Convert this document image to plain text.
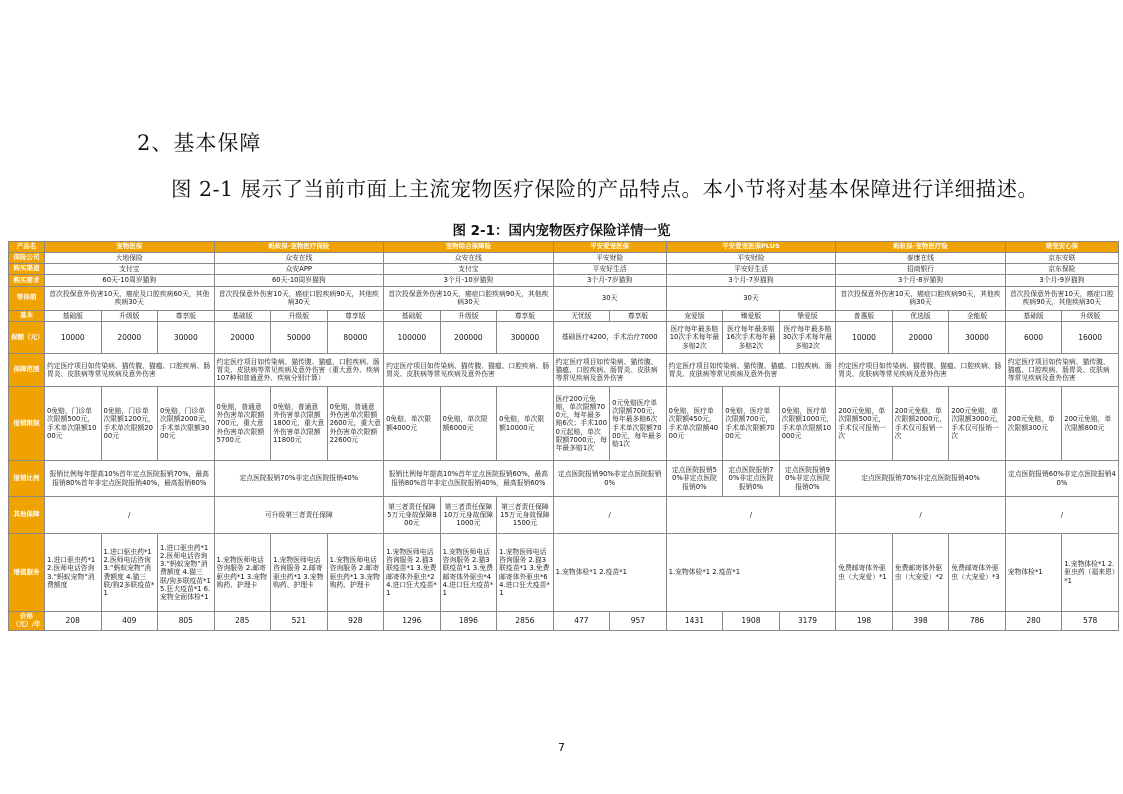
2、基本保障
图 2-1 展示了当前市面上主流宠物医疗保险的产品特点。本小节将对基本保障进行详细描述。
图 2-1：国内宠物医疗保险详情一览
产品名	宠物医保			蚂蚁保-宠物医疗保险			宠物综合保障险			平安爱宠医保		平安爱宠医保PLUS			蚂蚁保-宠物医疗险			萌宠安心保	
保险公司	大地保险			众安在线			众安在线			平安财险		平安财险			泰康在线			京东安联	
购买渠道	支付宝			众安APP			支付宝			平安好生活		平安好生活			招商银行			京东保险	
购买要求	60天-10周岁猫狗			60天-10周岁猫狗			3个月-10岁猫狗			3个月-7岁猫狗		3个月-7岁猫狗			3个月-8岁猫狗			3个月-9岁猫狗	
等待期	首次投保意外伤害10天，癌症及口腔疾病60天，其他疾病30天			首次投保意外伤害10天，癌症口腔疾病90天，其他疾病30天			首次投保意外伤害10天，癌症口腔疾病90天，其他疾病30天			30天		30天			首次投保意外伤害10天，癌症口腔疾病90天，其他疾病30天			首次投保意外伤害10天，癌症口腔疾病90天，其他疾病30天	
基本	基础版	升级版	尊享版	基础版	升级版	尊享版	基础版	升级版	尊享版	无忧版	尊享版	宠爱版	臻爱版	挚爱版	普惠版	优选版	全能版	基础版	升级版
保额（元）	10000	20000	30000	20000	50000	80000	100000	200000	300000	基础医疗4200，手术治疗7000		医疗每年最多赔10次手术每年最多赔2次	医疗每年最多赔16次手术每年最多赔2次	医疗每年最多赔30次手术每年最多赔2次	10000	20000	30000	6000	16000
保障范围	约定医疗项目如传染病、猫传腹、猫瘟、口腔疾病、肠胃炎、皮肤病等常见疾病及意外伤害			约定医疗项目如传染病、猫传腹、猫瘟、口腔疾病、肠胃炎、皮肤病等常见疾病及意外伤害（重大意外、疾病107种和普通意外、疾病分别计算）			约定医疗项目如传染病、猫传腹、猫瘟、口腔疾病、肠胃炎、皮肤病等常见疾病及意外伤害			约定医疗项目如传染病、猫传腹、猫瘟、口腔疾病、肠胃炎、皮肤病等常见疾病及意外伤害		约定医疗项目如传染病、猫传腹、猫瘟、口腔疾病、肠胃炎、皮肤病等常见疾病及意外伤害			约定医疗项目如传染病、猫传腹、猫瘟、口腔疾病、肠胃炎、皮肤病等常见疾病及意外伤害			约定医疗项目如传染病、猫传腹、猫瘟、口腔疾病、肠胃炎、皮肤病等常见疾病及意外伤害	
报销限制	0免赔，门诊单次限额500元，手术单次限额1000元	0免赔，门诊单次限额1200元，手术单次限额2000元	0免赔，门诊单次限额2000元，手术单次限额3000元	0免赔，普通意外伤害单次限额700元，重大意外伤害单次限额5700元	0免赔，普通意外伤害单次限额1800元，重大意外伤害单次限额11800元	0免赔，普通意外伤害单次限额2600元，重大意外伤害单次限额22600元	0免赔，单次限额4000元	0免赔，单次限额6000元	0免赔，单次限额10000元	医疗200元免赔，单次限额700元，每年最多赔6次；手术1000元起赔，单次限额7000元，每年最多赔1次	0元免赔医疗单次限额700元，每年最多赔6次手术单次限额7000元，每年最多赔1次	0免赔，医疗单次限额450元，手术单次限额4000元	0免赔，医疗单次限额700元，手术单次限额7000元	0免赔，医疗单次限额1000元，手术单次限额10000元	200元免赔，单次限额500元，手术仅可报销一次	200元免赔，单次限额2000元，手术仅可报销一次	200元免赔，单次限额3000元，手术仅可报销一次	200元免赔，单次限额300元	200元免赔，单次限额800元
报销比例	报销比例每年提高10%首年定点医院报销70%，最高报销80%首年非定点医院报销40%，最高报销60%			定点医院报销70%非定点医院报销40%			报销比例每年提高10%首年定点医院报销60%，最高报销80%首年非定点医院报销40%，最高报销60%			定点医院报销90%非定点医院报销0%		定点医院报销50%非定点医院报销0%	定点医院报销70%非定点医院报销0%	定点医院报销90%非定点医院报销0%	定点医院报销70%非定点医院报销40%			定点医院报销60%非定点医院报销40%	
其他保障	/			可升级第三者责任保障			第三者责任保障5万元身故保障800元	第三者责任保障10万元身故保障1000元	第三者责任保障15万元身故保障1500元	/		/			/			/	
增值服务	1.进口驱虫药*1 2.医师电话咨询 3.“蚂蚁宠物”消费额度	1.进口驱虫药*1 2.医师电话咨询 3.“蚂蚁宠物”消费额度 4.猫三联/狗2多联疫苗*1	1.进口驱虫药*1 2.医师电话咨询 3.“蚂蚁宠物”消费额度 4.猫三联/狗多联疫苗*1 5.狂犬疫苗*1 6.宠物全面体检*1	1.宠物医师电话咨询服务 2.邮寄驱虫药*1 3.宠物购药、护理卡	1.宠物医师电话咨询服务 2.邮寄驱虫药*1 3.宠物购药、护理卡	1.宠物医师电话咨询服务 2.邮寄驱虫药*1 3.宠物购药、护理卡	1.宠物医师电话咨询服务 2.猫3联疫苗*1 3.免费邮寄体外驱虫*2 4.进口狂犬疫苗*1	1.宠物医师电话咨询服务 2.猫3联疫苗*1 3.免费邮寄体外驱虫*4 4.进口狂犬疫苗*1	1.宠物医师电话咨询服务 2.猫3联疫苗*1 3.免费邮寄体外驱虫*6 4.进口狂犬疫苗*1	1.宠物体检*1 2.疫苗*1		1.宠物体检*1 2.疫苗*1			免费邮寄体外驱虫（大宠爱）*1	免费邮寄体外驱虫（大宠爱）*2	免费邮寄体外驱虫（大宠爱）*3	宠物体检*1	1.宠物体检*1 2.驱虫药（福来恩）*1
价格（元）/年	208	409	805	285	521	928	1296	1896	2856	477	957	1431	1908	3179	198	398	786	280	578
7
